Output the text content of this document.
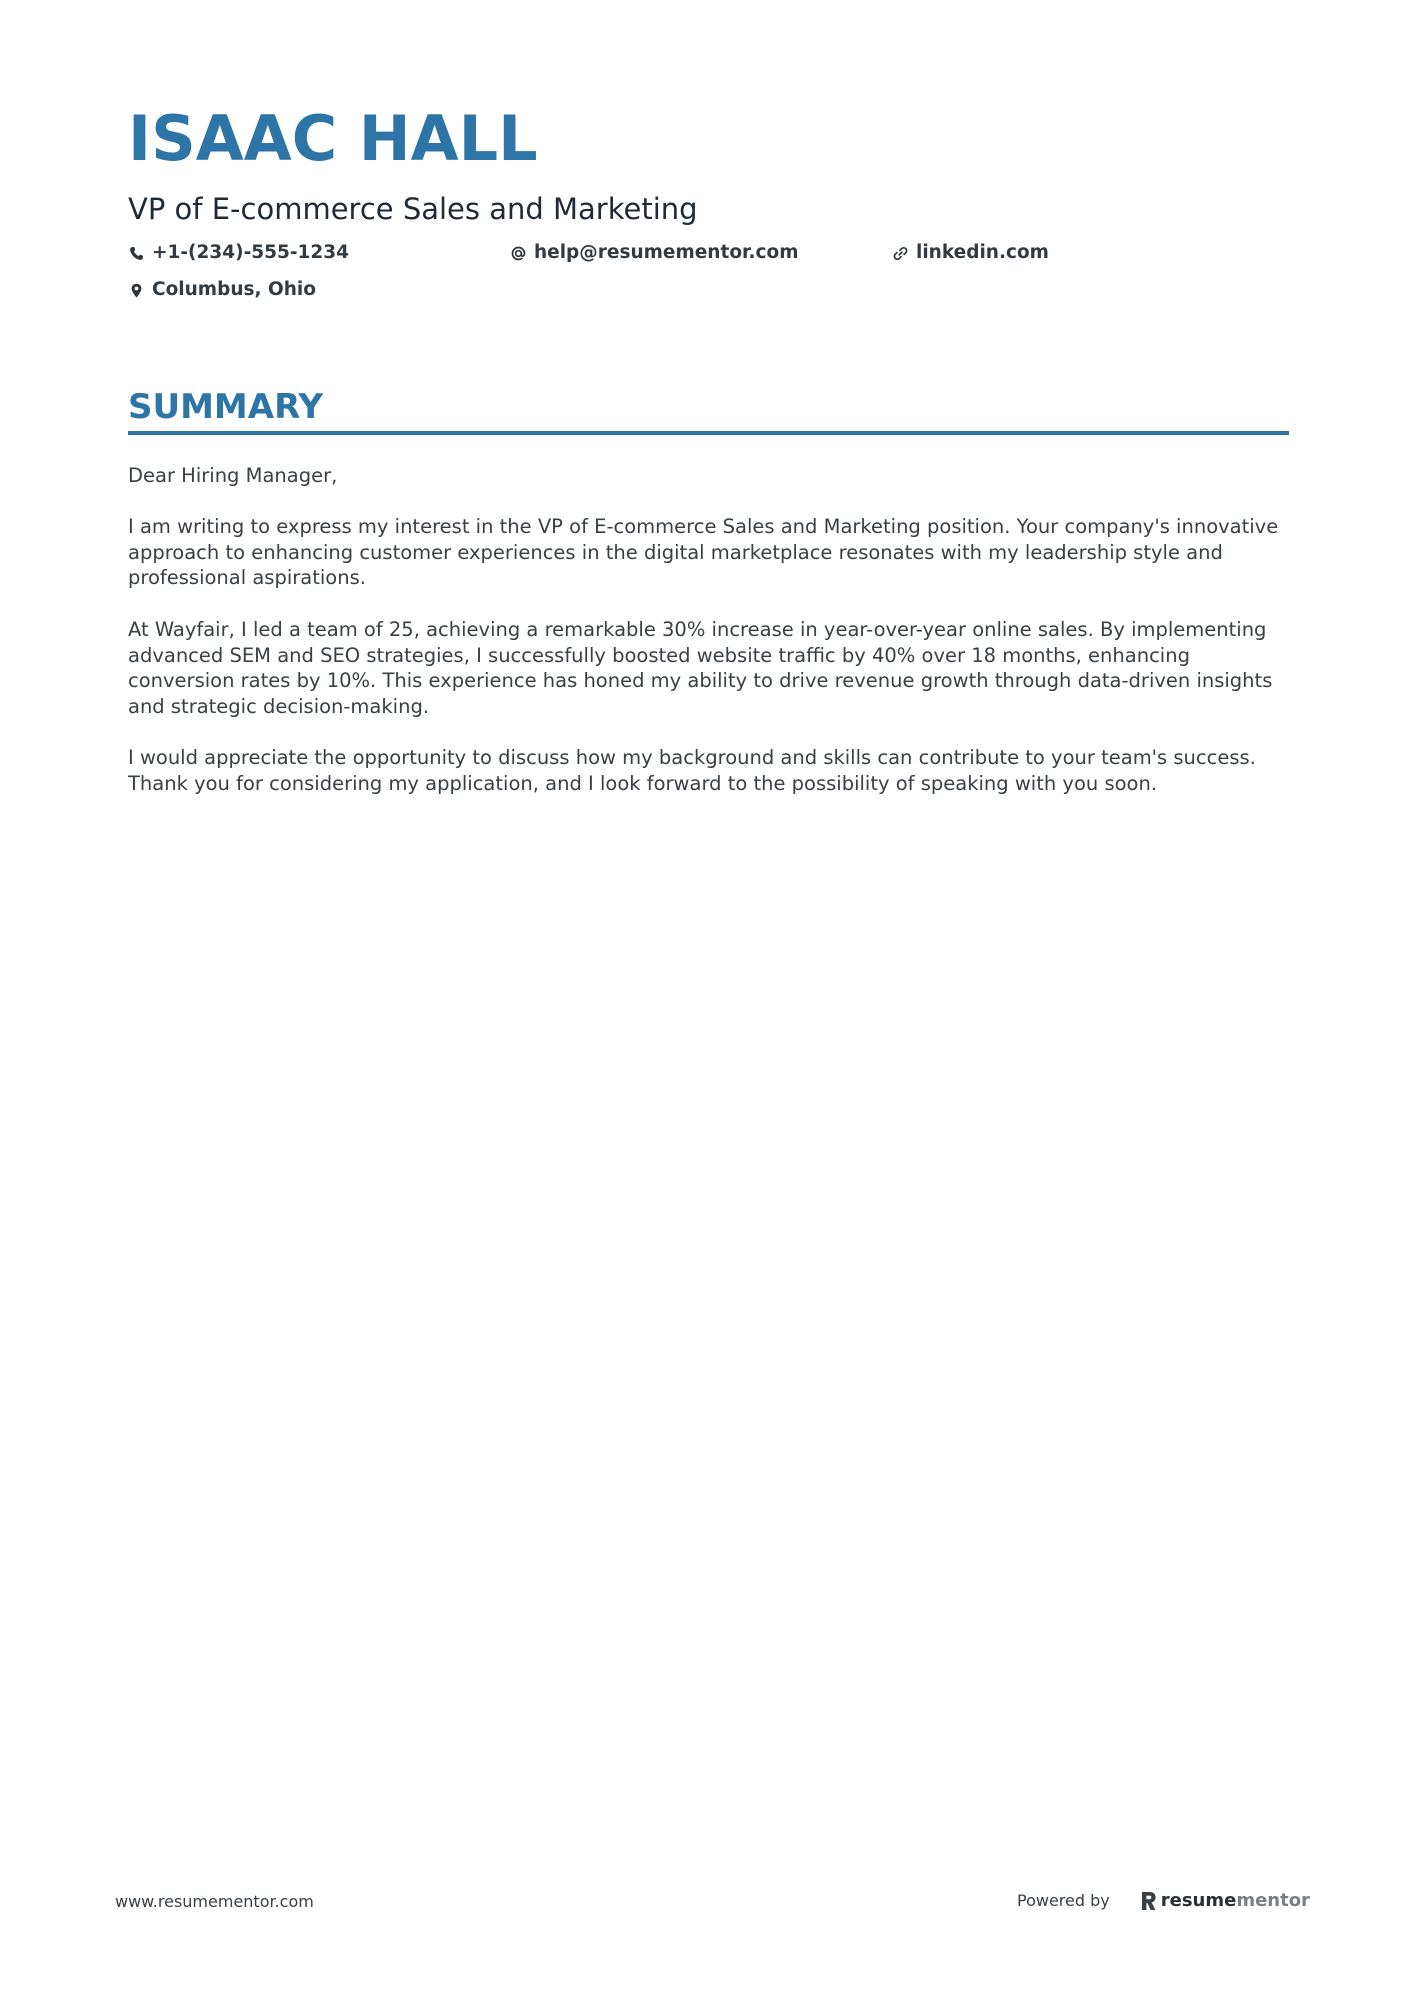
ISAAC HALL
VP of E-commerce Sales and Marketing
+1-(234)-555-1234	help@resumementor.com	linkedin.com
Columbus, Ohio
SUMMARY

Dear Hiring Manager,

I am writing to express my interest in the VP of E-commerce Sales and Marketing position. Your company's innovative approach to enhancing customer experiences in the digital marketplace resonates with my leadership style and professional aspirations.

At Wayfair, I led a team of 25, achieving a remarkable 30% increase in year-over-year online sales. By implementing advanced SEM and SEO strategies, I successfully boosted website traffic by 40% over 18 months, enhancing conversion rates by 10%. This experience has honed my ability to drive revenue growth through data-driven insights and strategic decision-making.

I would appreciate the opportunity to discuss how my background and skills can contribute to your team's success. Thank you for considering my application, and I look forward to the possibility of speaking with you soon.

www.resumementor.com	Powered by	resumementor
